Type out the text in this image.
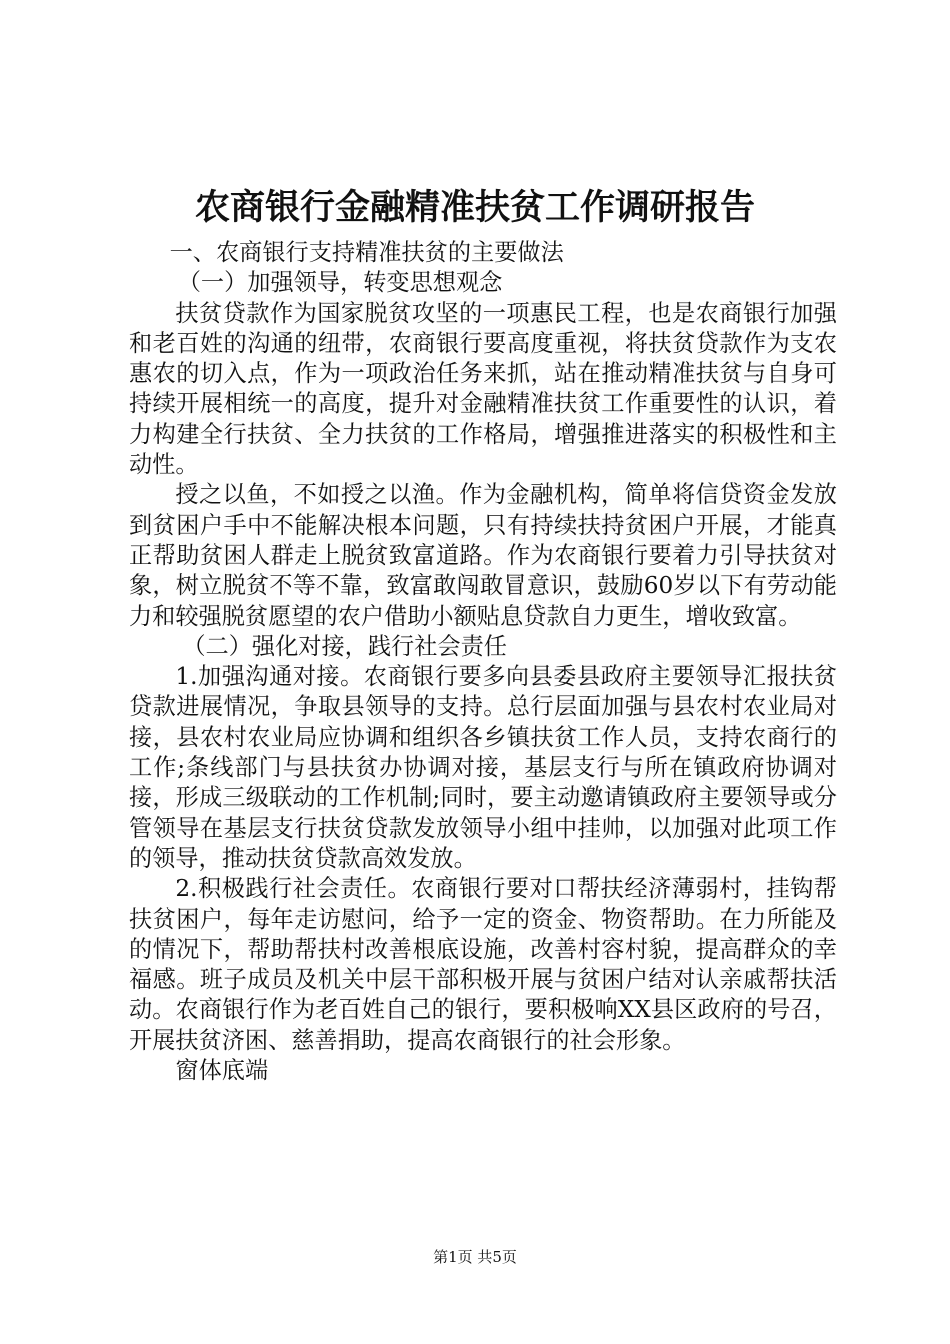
农商银行金融精准扶贫工作调研报告

一、农商银行支持精准扶贫的主要做法

（一）加强领导，转变思想观念

扶贫贷款作为国家脱贫攻坚的一项惠民工程，也是农商银行加强和老百姓的沟通的纽带，农商银行要高度重视，将扶贫贷款作为支农惠农的切入点，作为一项政治任务来抓，站在推动精准扶贫与自身可持续开展相统一的高度，提升对金融精准扶贫工作重要性的认识，着力构建全行扶贫、全力扶贫的工作格局，增强推进落实的积极性和主动性。

授之以鱼，不如授之以渔。作为金融机构，简单将信贷资金发放到贫困户手中不能解决根本问题，只有持续扶持贫困户开展，才能真正帮助贫困人群走上脱贫致富道路。作为农商银行要着力引导扶贫对象，树立脱贫不等不靠，致富敢闯敢冒意识，鼓励60岁以下有劳动能力和较强脱贫愿望的农户借助小额贴息贷款自力更生，增收致富。

（二）强化对接，践行社会责任

1.加强沟通对接。农商银行要多向县委县政府主要领导汇报扶贫贷款进展情况，争取县领导的支持。总行层面加强与县农村农业局对接，县农村农业局应协调和组织各乡镇扶贫工作人员，支持农商行的工作;条线部门与县扶贫办协调对接，基层支行与所在镇政府协调对接，形成三级联动的工作机制;同时，要主动邀请镇政府主要领导或分管领导在基层支行扶贫贷款发放领导小组中挂帅，以加强对此项工作的领导，推动扶贫贷款高效发放。

2.积极践行社会责任。农商银行要对口帮扶经济薄弱村，挂钩帮扶贫困户，每年走访慰问，给予一定的资金、物资帮助。在力所能及的情况下，帮助帮扶村改善根底设施，改善村容村貌，提高群众的幸福感。班子成员及机关中层干部积极开展与贫困户结对认亲戚帮扶活动。农商银行作为老百姓自己的银行，要积极响XX县区政府的号召，开展扶贫济困、慈善捐助，提高农商银行的社会形象。

窗体底端

第1页 共5页
